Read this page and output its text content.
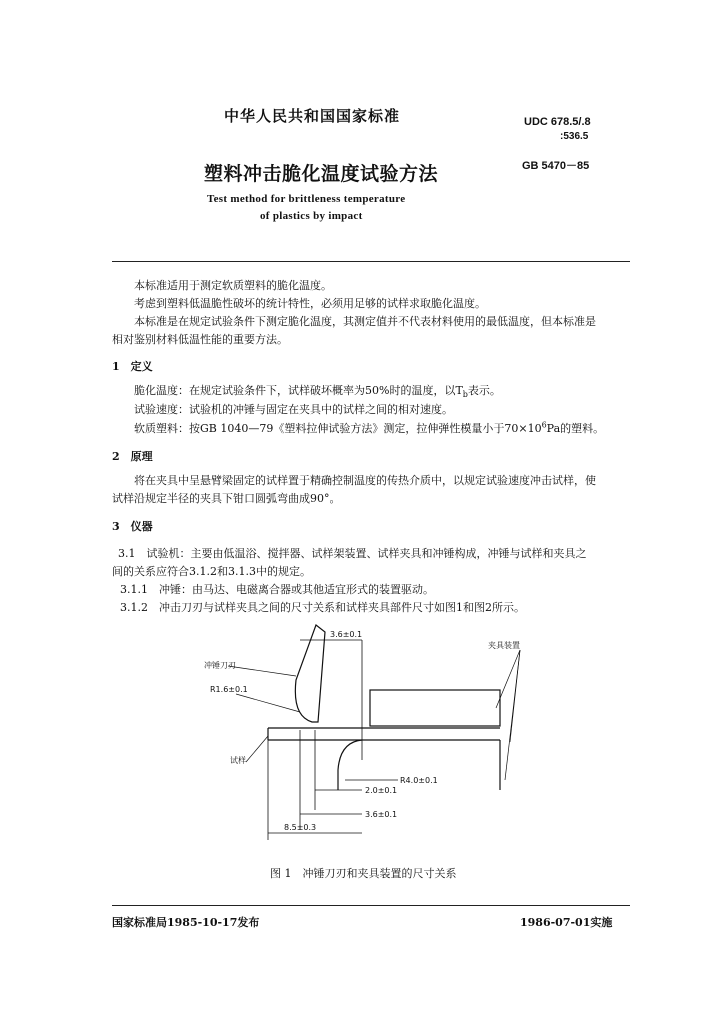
中华人民共和国国家标准	UDC 678.5/.8
:536.5
GB 5470－85
塑料冲击脆化温度试验方法
Test method for brittleness temperature
of plastics by impact
本标准适用于测定软质塑料的脆化温度。
考虑到塑料低温脆性破坏的统计特性，必须用足够的试样求取脆化温度。
本标准是在规定试验条件下测定脆化温度，其测定值并不代表材料使用的最低温度，但本标准是
相对鉴别材料低温性能的重要方法。
1　定义
脆化温度：在规定试验条件下，试样破坏概率为50%时的温度，以$T_b$表示。
试验速度：试验机的冲锤与固定在夹具中的试样之间的相对速度。
软质塑料：按GB 1040—79《塑料拉伸试验方法》测定，拉伸弹性模量小于$70\times 10^6Pa$的塑料。
2　原理
将在夹具中呈悬臂梁固定的试样置于精确控制温度的传热介质中，以规定试验速度冲击试样，使
试样沿规定半径的夹具下钳口圆弧弯曲成90°。
3　仪器
3.1　试验机：主要由低温浴、搅拌器、试样架装置、试样夹具和冲锤构成，冲锤与试样和夹具之
间的关系应符合3.1.2和3.1.3中的规定。
3.1.1　冲锤：由马达、电磁离合器或其他适宜形式的装置驱动。
3.1.2　冲击刀刃与试样夹具之间的尺寸关系和试样夹具部件尺寸如图1和图2所示。
冲锤刀刃
R1.6±0.1
3.6±0.1
夹具装置
试样
R4.0±0.1
2.0±0.1
3.6±0.1
8.5±0.3
图 1　冲锤刀刃和夹具装置的尺寸关系
国家标准局1985-10-17发布	1986-07-01实施
